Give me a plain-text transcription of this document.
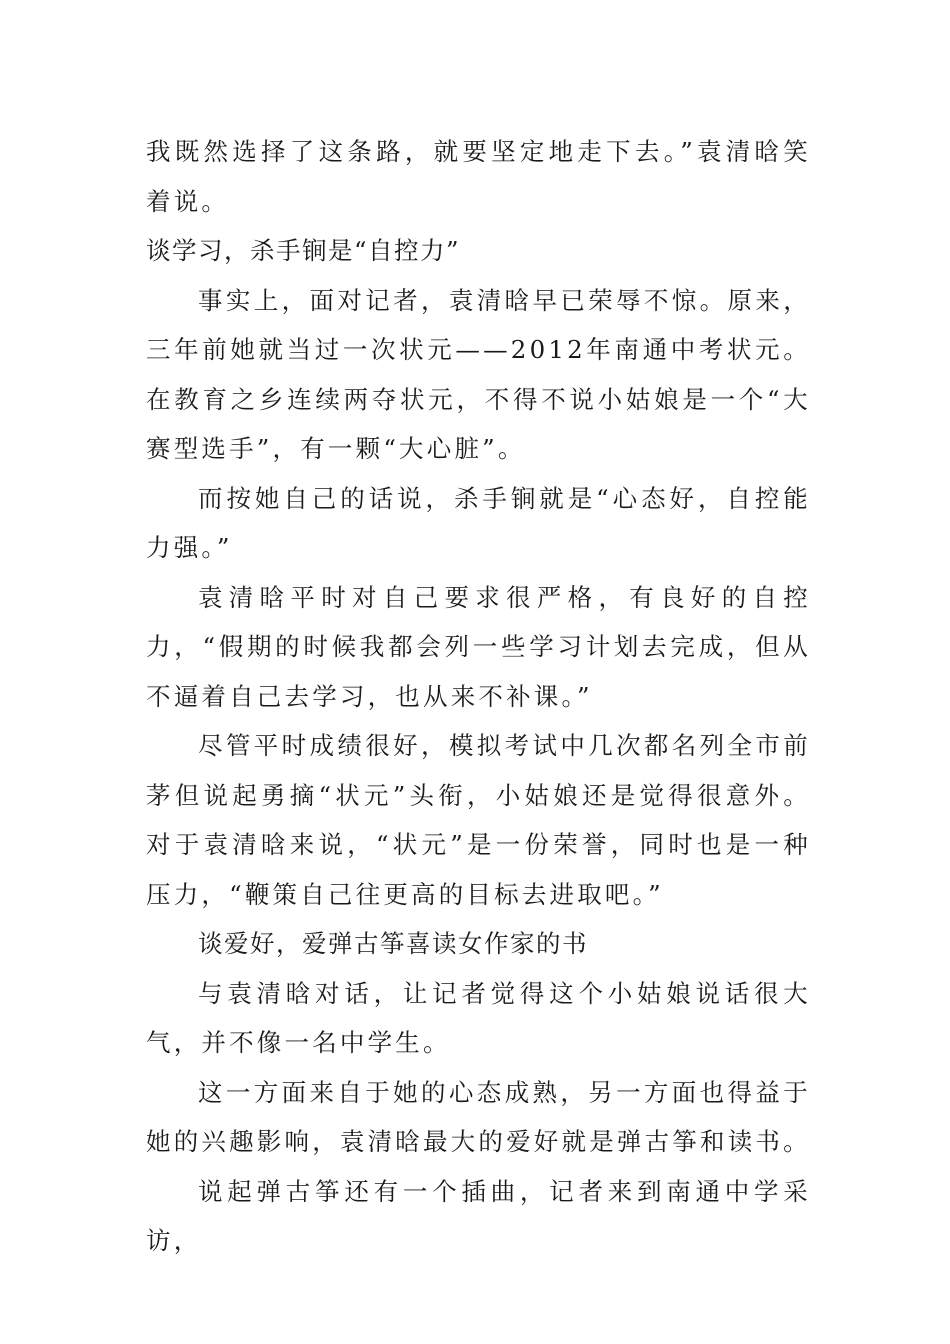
我既然选择了这条路，就要坚定地走下去。”袁清晗笑着说。

谈学习，杀手锏是“自控力”

事实上，面对记者，袁清晗早已荣辱不惊。原来，三年前她就当过一次状元——2012年南通中考状元。在教育之乡连续两夺状元，不得不说小姑娘是一个“大赛型选手”，有一颗“大心脏”。

而按她自己的话说，杀手锏就是“心态好，自控能力强。”

袁清晗平时对自己要求很严格，有良好的自控力，“假期的时候我都会列一些学习计划去完成，但从不逼着自己去学习，也从来不补课。”

尽管平时成绩很好，模拟考试中几次都名列全市前茅但说起勇摘“状元”头衔，小姑娘还是觉得很意外。对于袁清晗来说，“状元”是一份荣誉，同时也是一种压力，“鞭策自己往更高的目标去进取吧。”

谈爱好，爱弹古筝喜读女作家的书

与袁清晗对话，让记者觉得这个小姑娘说话很大气，并不像一名中学生。

这一方面来自于她的心态成熟，另一方面也得益于她的兴趣影响，袁清晗最大的爱好就是弹古筝和读书。

说起弹古筝还有一个插曲，记者来到南通中学采访，
